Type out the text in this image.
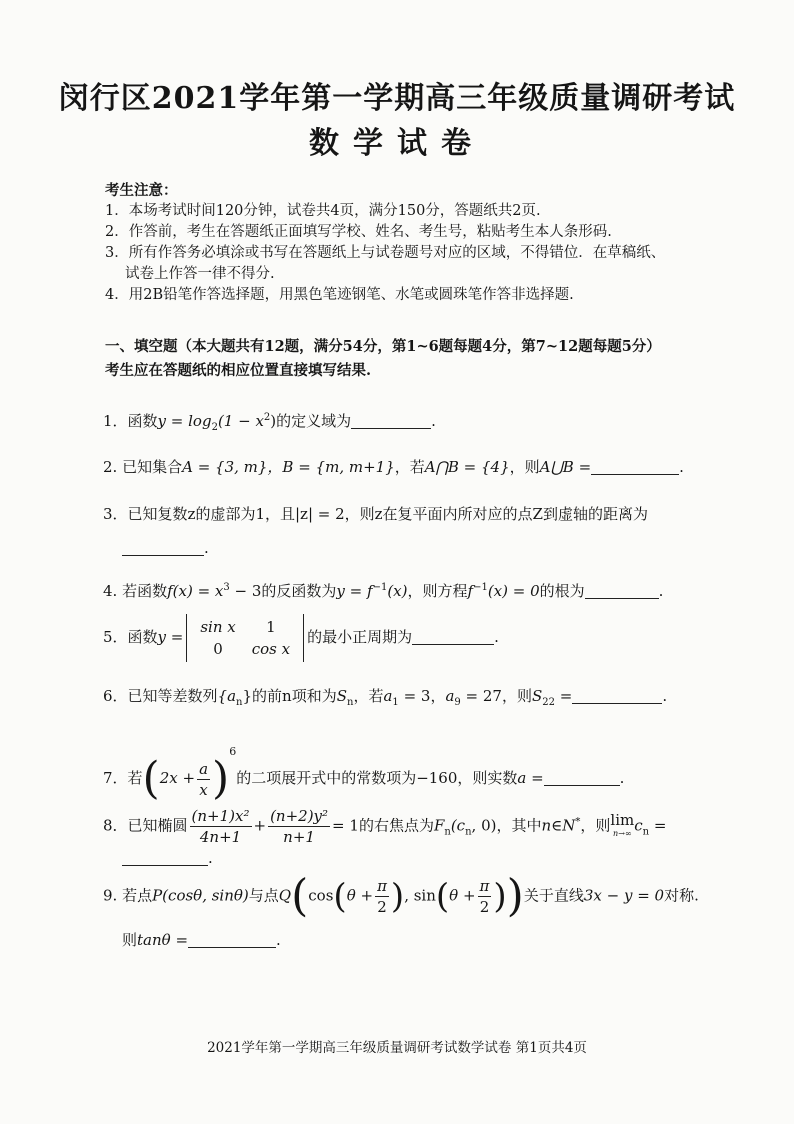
闵行区2021学年第一学期高三年级质量调研考试
数学试卷
考生注意：
1．本场考试时间120分钟，试卷共4页，满分150分，答题纸共2页.
2．作答前，考生在答题纸正面填写学校、姓名、考生号，粘贴考生本人条形码.
3．所有作答务必填涂或书写在答题纸上与试卷题号对应的区域，不得错位．在草稿纸、
试卷上作答一律不得分.
4．用2B铅笔作答选择题，用黑色笔迹钢笔、水笔或圆珠笔作答非选择题.
一、填空题（本大题共有12题，满分54分，第1~6题每题4分，第7~12题每题5分）
考生应在答题纸的相应位置直接填写结果.
1．函数$y = \log_2(1 - x^2)$的定义域为	.
2. 已知集合A = {3, m}，B = {m, m+1}，若A⋂B = {4}，则A⋃B =	.
3．已知复数z的虚部为1，且|z| = 2，则z在复平面内所对应的点Z到虚轴的距离为
.
4. 若函数$f(x) = x^3 - 3$的反函数为$y = f^{-1}(x)$，则方程$f^{-1}(x) = 0$的根为	.
5．函数y =
sin x	1
0	cos x
的最小正周期为	.
6．已知等差数列$\{a_n\}$的前n项和为$S_n$，若$a_1 = 3$，$a_9 = 27$，则$S_{22}$ =	.
7．若$(2x + \frac{a}{x} )^6$的二项展开式中的常数项为−160，则实数a =	.
8．已知椭圆 $\frac{\text{(n+1)x²}}{4n+1} + \frac{\text{(n+2)y²}}{n+1} = 1$的右焦点为$F_n(c_n$, 0)，其中n∈N*，则 lim
n→∞ $c_n$ =
.
9. 若点P(cosθ, sinθ)与点$Q(\cos(\theta + \frac{\pi}{2}$ ), $\sin(\theta + \frac{\pi}{2}$ ))关于直线3x − y = 0对称.
则tanθ =	.
2021学年第一学期高三年级质量调研考试数学试卷 第1页共4页
